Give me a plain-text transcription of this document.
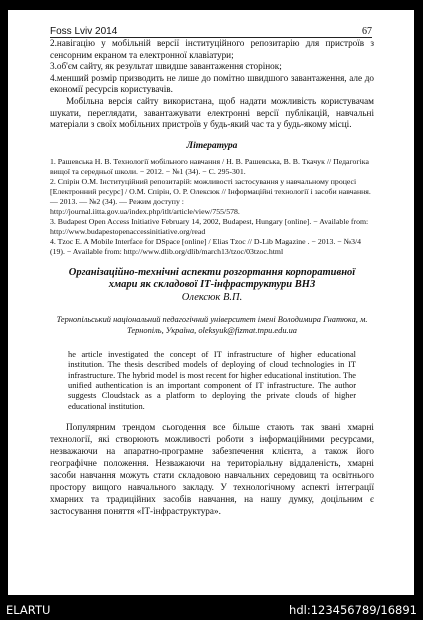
Foss Lviv 2014	67

2.навігацію у мобільній версії інституційного репозитарію для пристроїв з сенсорним екраном та електронної клавіатури;

3.об'єм сайту, як результат швидше завантаження сторінок;

4.менший розмір призводить не лише до помітно швидшого завантаження, але до економії ресурсів користувачів.

Мобільна версія сайту використана, щоб надати можливість користувачам шукати, переглядати, завантажувати електронні версії публікацій, навчальні матеріали з своїх мобільних пристроїв у будь-який час та у будь-якому місці.

Література

1. Рашевська Н. В. Технології мобільного навчання / Н. В. Рашевська, В. В. Ткачук // Педагогіка вищої та середньої школи. − 2012. − №1 (34). − С. 295-301.

2. Спірін О.М. Інституційний репозитарій: можливості застосування у навчальному процесі [Електронний ресурс] / О.М. Спірін, О. Р. Олексюк // Інформаційні технології і засоби навчання. — 2013. — №2 (34). — Режим доступу : http://journal.iitta.gov.ua/index.php/itlt/article/view/755/578.

3. Budapest Open Access Initiative February 14, 2002, Budapest, Hungary [online]. − Available from: http://www.budapestopenaccessinitiative.org/read

4. Tzoc E. A Mobile Interface for DSpace [online] / Elias Tzoc // D-Lib Magazine . − 2013. − №3/4 (19). − Available from: http://www.dlib.org/dlib/march13/tzoc/03tzoc.html

Організаційно-технічні аспекти розгортання корпоративної хмари як складової ІТ-інфраструктури ВНЗ
Олексюк В.П.
Тернопільський національний педагогічний університет імені Володимира Гнатюка, м. Тернопіль, Україна, oleksyuk@fizmat.tnpu.edu.ua

he article investigated the concept of IT infrastructure of higher educational institution. The thesis described models of deploying of cloud technologies in IT infrastructure. The hybrid model is most recent for higher educational institution. The unified authentication is an important component of IT infrastructure. The author suggests Cloudstack as a platform to deploying the private clouds of higher educational institution.

Популярним трендом сьогодення все більше стають так звані хмарні технології, які створюють можливості роботи з інформаційними ресурсами, незважаючи на апаратно-програмне забезпечення клієнта, а також його географічне положення. Незважаючи на територіальну віддаленість, хмарні засоби навчання можуть стати складовою навчальних середовищ та освітнього простору вищого навчального закладу. У технологічному аспекті інтеграції хмарних та традиційних засобів навчання, на нашу думку, доцільним є застосування поняття «ІТ-інфраструктура».

ELARTU	hdl:123456789/16891
